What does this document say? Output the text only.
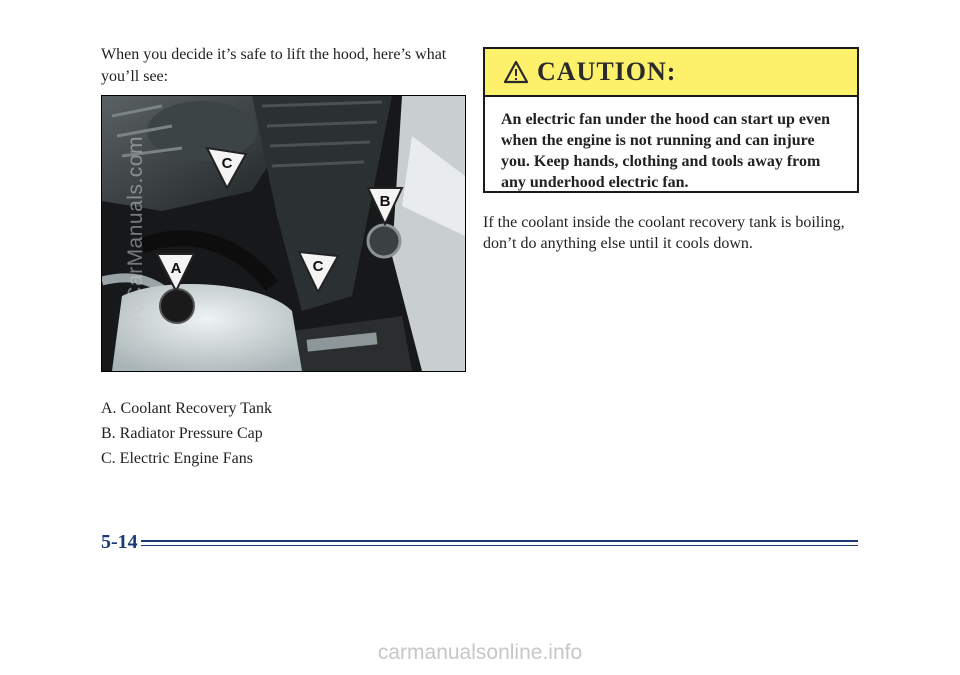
When you decide it’s safe to lift the hood, here’s what you’ll see:

C
B
A	C
ProCarManuals.com
A. Coolant Recovery Tank
B. Radiator Pressure Cap
C. Electric Engine Fans
CAUTION:

An electric fan under the hood can start up even when the engine is not running and can injure you. Keep hands, clothing and tools away from any underhood electric fan.

If the coolant inside the coolant recovery tank is boiling, don’t do anything else until it cools down.

5-14
carmanualsonline.info
